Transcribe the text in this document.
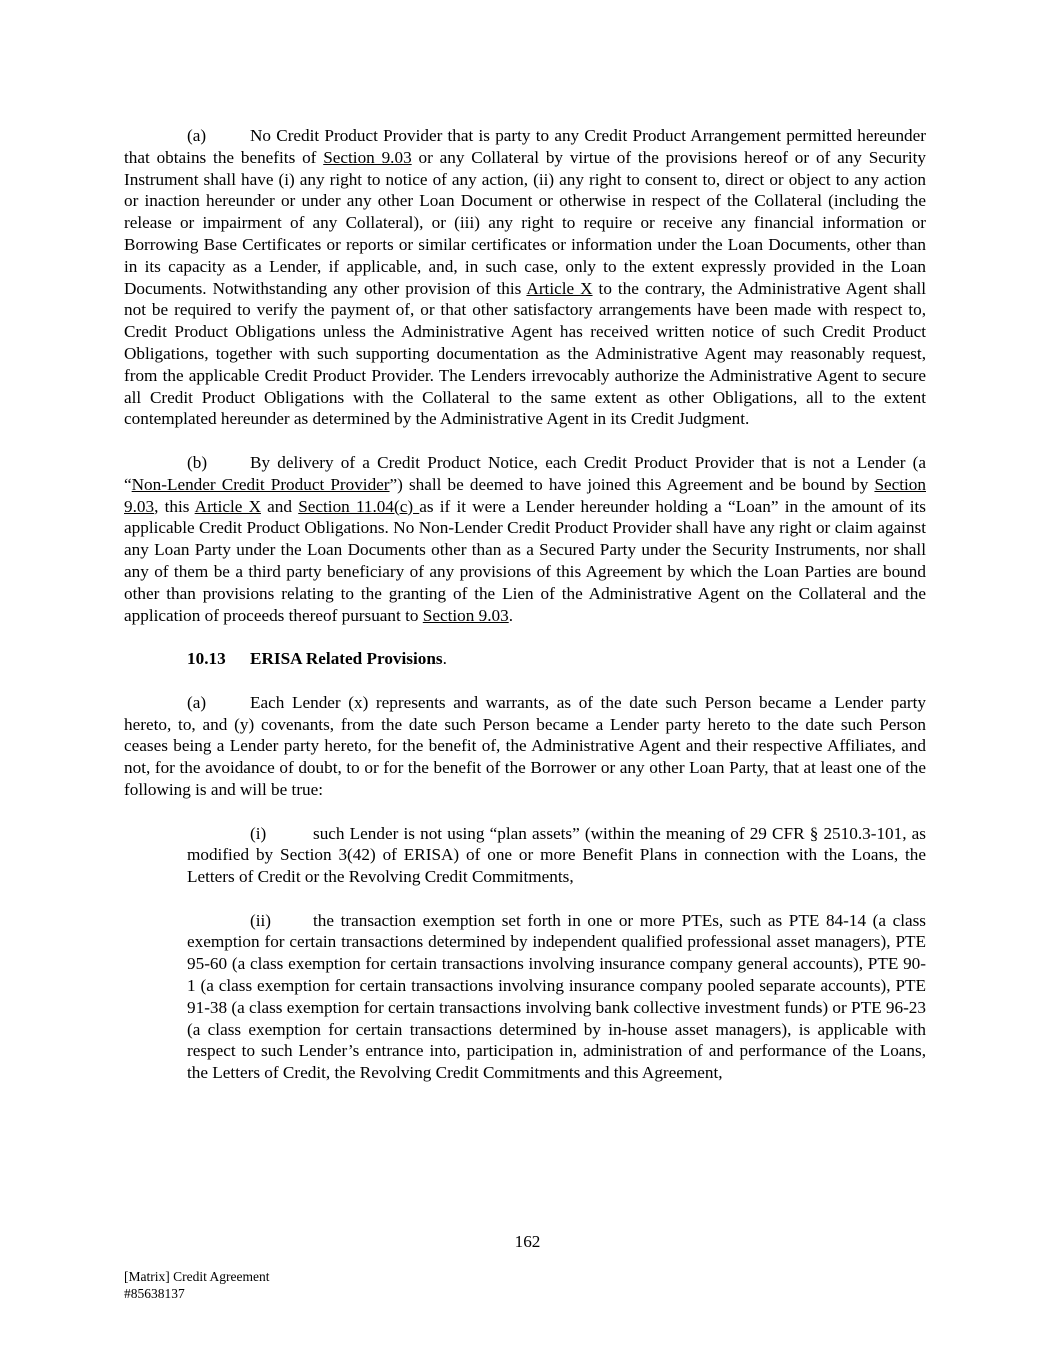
(a)	No Credit Product Provider that is party to any Credit Product Arrangement permitted hereunder that obtains the benefits of Section 9.03 or any Collateral by virtue of the provisions hereof or of any Security Instrument shall have (i) any right to notice of any action, (ii) any right to consent to, direct or object to any action or inaction hereunder or under any other Loan Document or otherwise in respect of the Collateral (including the release or impairment of any Collateral), or (iii) any right to require or receive any financial information or Borrowing Base Certificates or reports or similar certificates or information under the Loan Documents, other than in its capacity as a Lender, if applicable, and, in such case, only to the extent expressly provided in the Loan Documents. Notwithstanding any other provision of this Article X to the contrary, the Administrative Agent shall not be required to verify the payment of, or that other satisfactory arrangements have been made with respect to, Credit Product Obligations unless the Administrative Agent has received written notice of such Credit Product Obligations, together with such supporting documentation as the Administrative Agent may reasonably request, from the applicable Credit Product Provider. The Lenders irrevocably authorize the Administrative Agent to secure all Credit Product Obligations with the Collateral to the same extent as other Obligations, all to the extent contemplated hereunder as determined by the Administrative Agent in its Credit Judgment.

(b) By delivery of a Credit Product Notice, each Credit Product Provider that is not a Lender (a “Non-Lender Credit Product Provider”) shall be deemed to have joined this Agreement and be bound by Section 9.03, this Article X and Section 11.04(c) as if it were a Lender hereunder holding a “Loan” in the amount of its applicable Credit Product Obligations. No Non-Lender Credit Product Provider shall have any right or claim against any Loan Party under the Loan Documents other than as a Secured Party under the Security Instruments, nor shall any of them be a third party beneficiary of any provisions of this Agreement by which the Loan Parties are bound other than provisions relating to the granting of the Lien of the Administrative Agent on the Collateral and the application of proceeds thereof pursuant to Section 9.03.

10.13 ERISA Related Provisions.

(a)	Each Lender (x) represents and warrants, as of the date such Person became a Lender party hereto, to, and (y) covenants, from the date such Person became a Lender party hereto to the date such Person ceases being a Lender party hereto, for the benefit of, the Administrative Agent and their respective Affiliates, and not, for the avoidance of doubt, to or for the benefit of the Borrower or any other Loan Party, that at least one of the following is and will be true:

(i)	such Lender is not using “plan assets” (within the meaning of 29 CFR § 2510.3-101, as modified by Section 3(42) of ERISA) of one or more Benefit Plans in connection with the Loans, the Letters of Credit or the Revolving Credit Commitments,

(ii) the transaction exemption set forth in one or more PTEs, such as PTE 84-14 (a class exemption for certain transactions determined by independent qualified professional asset managers), PTE 95-60 (a class exemption for certain transactions involving insurance company general accounts), PTE 90-1 (a class exemption for certain transactions involving insurance company pooled separate accounts), PTE 91-38 (a class exemption for certain transactions involving bank collective investment funds) or PTE 96-23 (a class exemption for certain transactions determined by in-house asset managers), is applicable with respect to such Lender’s entrance into, participation in, administration of and performance of the Loans, the Letters of Credit, the Revolving Credit Commitments and this Agreement,

162
[Matrix] Credit Agreement
#85638137
